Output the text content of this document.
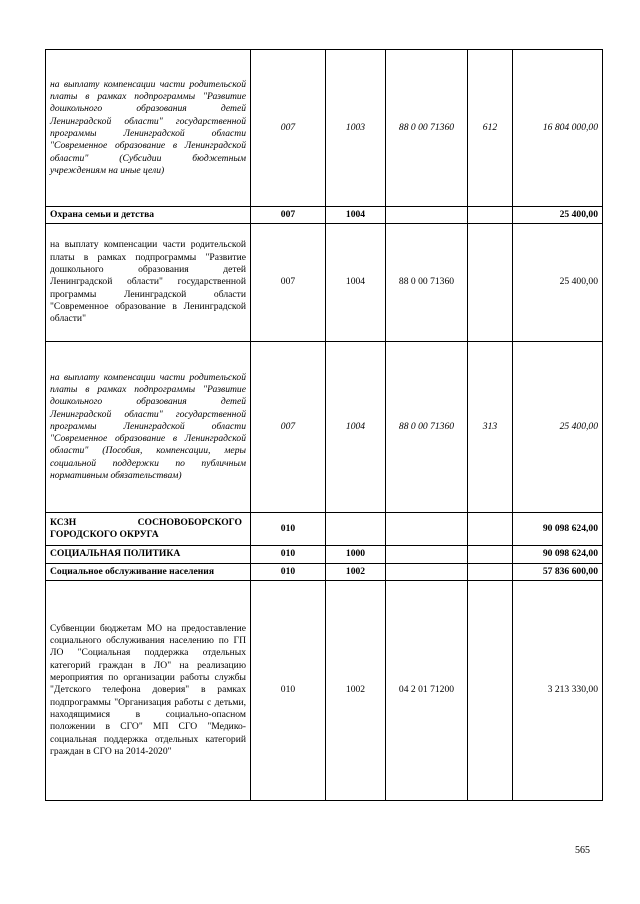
на выплату компенсации части родительской платы в рамках подпрограммы "Развитие дошкольного образования детей Ленинградской области" государственной программы Ленинградской области "Современное образование в Ленинградской области" (Субсидии бюджетным учреждениям на иные цели)	007	1003	88 0 00 71360	612	16 804 000,00
Охрана семьи и детства	007	1004			25 400,00
на выплату компенсации части родительской платы в рамках подпрограммы "Развитие дошкольного образования детей Ленинградской области" государственной программы Ленинградской области "Современное образование в Ленинградской области"	007	1004	88 0 00 71360		25 400,00
на выплату компенсации части родительской платы в рамках подпрограммы "Развитие дошкольного образования детей Ленинградской области" государственной программы Ленинградской области "Современное образование в Ленинградской области" (Пособия, компенсации, меры социальной поддержки по публичным нормативным обязательствам)	007	1004	88 0 00 71360	313	25 400,00
КСЗН СОСНОВОБОРСКОГО ГОРОДСКОГО ОКРУГА	010				90 098 624,00
СОЦИАЛЬНАЯ ПОЛИТИКА	010	1000			90 098 624,00
Социальное обслуживание населения	010	1002			57 836 600,00
Субвенции бюджетам МО на предоставление социального обслуживания населению по ГП ЛО "Социальная поддержка отдельных категорий граждан в ЛО" на реализацию мероприятия по организации работы службы "Детского телефона доверия" в рамках подпрограммы "Организация работы с детьми, находящимися в социально-опасном положении в СГО" МП СГО "Медико-социальная поддержка отдельных категорий граждан в СГО на 2014-2020"	010	1002	04 2 01 71200		3 213 330,00
565
